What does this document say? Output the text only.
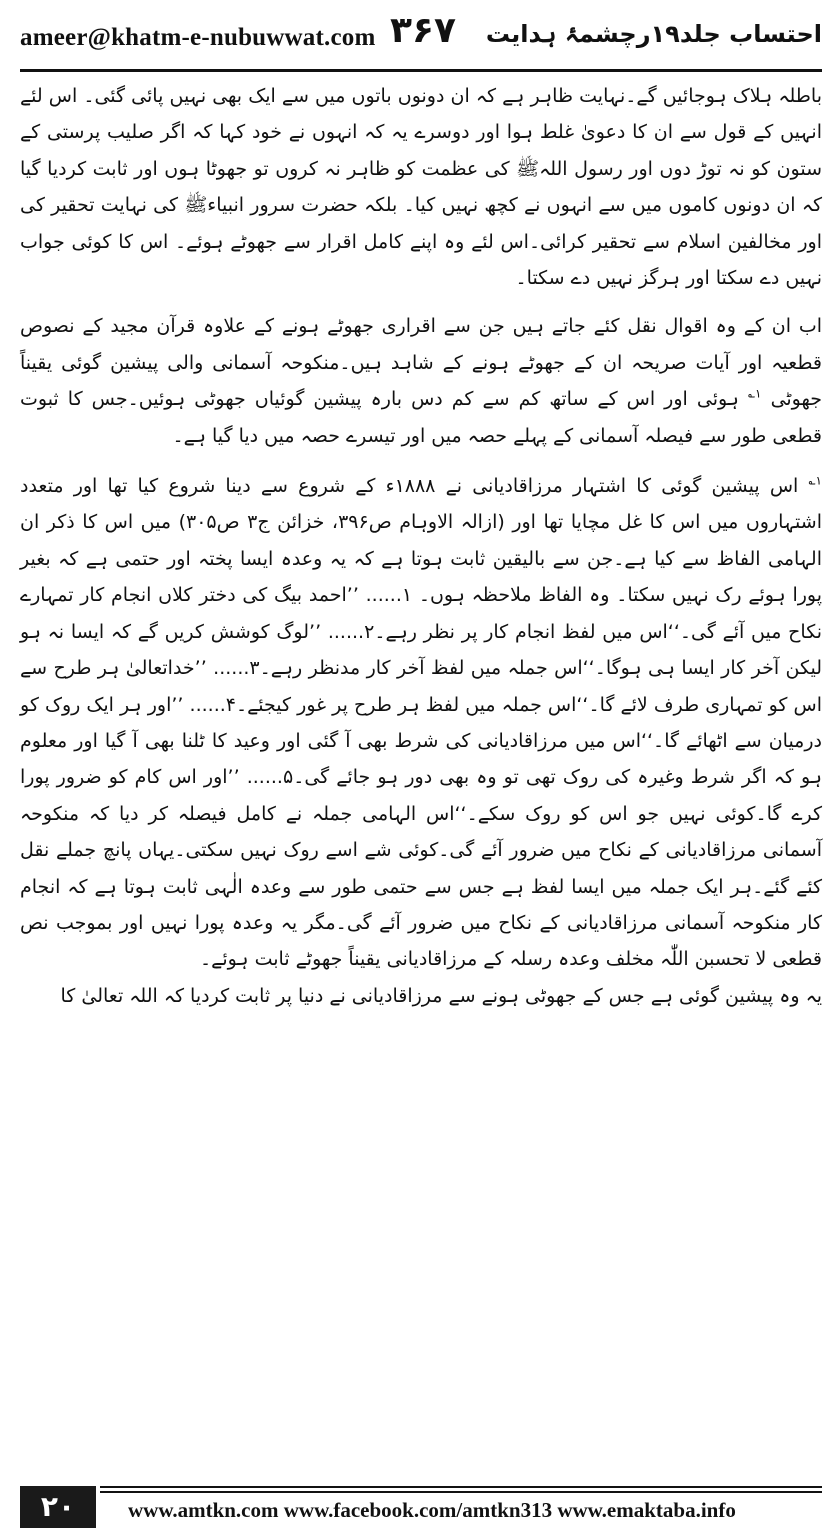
ameer@khatm-e-nubuwwat.com ۳۶۷ احتساب جلد۱۹رچشمۂ ہدایت

باطلہ ہلاک ہوجائیں گے۔نہایت ظاہر ہے کہ ان دونوں باتوں میں سے ایک بھی نہیں پائی گئی۔ اس لئے انہیں کے قول سے ان کا دعویٰ غلط ہوا اور دوسرے یہ کہ انہوں نے خود کہا کہ اگر صلیب پرستی کے ستون کو نہ توڑ دوں اور رسول اللہﷺ کی عظمت کو ظاہر نہ کروں تو جھوٹا ہوں اور ثابت کردیا گیا کہ ان دونوں کاموں میں سے انہوں نے کچھ نہیں کیا۔ بلکہ حضرت سرور انبیاءﷺ کی نہایت تحقیر کی اور مخالفین اسلام سے تحقیر کرائی۔اس لئے وہ اپنے کامل اقرار سے جھوٹے ہوئے۔ اس کا کوئی جواب نہیں دے سکتا اور ہرگز نہیں دے سکتا۔

اب ان کے وہ اقوال نقل کئے جاتے ہیں جن سے اقراری جھوٹے ہونے کے علاوہ قرآن مجید کے نصوص قطعیہ اور آیات صریحہ ان کے جھوٹے ہونے کے شاہد ہیں۔منکوحہ آسمانی والی پیشین گوئی یقیناً جھوٹی $^{۱؎}$ ہوئی اور اس کے ساتھ کم سے کم دس بارہ پیشین گوئیاں جھوٹی ہوئیں۔جس کا ثبوت قطعی طور سے فیصلہ آسمانی کے پہلے حصہ میں اور تیسرے حصہ میں دیا گیا ہے۔

$^{۱؎}$ اس پیشین گوئی کا اشتہار مرزاقادیانی نے ۱۸۸۸ء کے شروع سے دینا شروع کیا تھا اور متعدد اشتہاروں میں اس کا غل مچایا تھا اور (ازالہ الاوہام ص۳۹۶، خزائن ج۳ ص۳۰۵) میں اس کا ذکر ان الہامی الفاظ سے کیا ہے۔جن سے بالیقین ثابت ہوتا ہے کہ یہ وعدہ ایسا پختہ اور حتمی ہے کہ بغیر پورا ہوئے رک نہیں سکتا۔ وہ الفاظ ملاحظہ ہوں۔ ۱...... ’’احمد بیگ کی دختر کلاں انجام کار تمہارے نکاح میں آئے گی۔‘‘اس میں لفظ انجام کار پر نظر رہے۔۲...... ’’لوگ کوشش کریں گے کہ ایسا نہ ہو لیکن آخر کار ایسا ہی ہوگا۔‘‘اس جملہ میں لفظ آخر کار مدنظر رہے۔۳...... ’’خداتعالیٰ ہر طرح سے اس کو تمہاری طرف لائے گا۔‘‘اس جملہ میں لفظ ہر طرح پر غور کیجئے۔۴...... ’’اور ہر ایک روک کو درمیان سے اٹھائے گا۔‘‘اس میں مرزاقادیانی کی شرط بھی آ گئی اور وعید کا ٹلنا بھی آ گیا اور معلوم ہو کہ اگر شرط وغیرہ کی روک تھی تو وہ بھی دور ہو جائے گی۔۵...... ’’اور اس کام کو ضرور پورا کرے گا۔کوئی نہیں جو اس کو روک سکے۔‘‘اس الہامی جملہ نے کامل فیصلہ کر دیا کہ منکوحہ آسمانی مرزاقادیانی کے نکاح میں ضرور آئے گی۔کوئی شے اسے روک نہیں سکتی۔یہاں پانچ جملے نقل کئے گئے۔ہر ایک جملہ میں ایسا لفظ ہے جس سے حتمی طور سے وعدہ الٰہی ثابت ہوتا ہے کہ انجام کار منکوحہ آسمانی مرزاقادیانی کے نکاح میں ضرور آئے گی۔مگر یہ وعدہ پورا نہیں اور بموجب نص قطعی لا تحسبن اللّٰہ مخلف وعدہ رسلہ کے مرزاقادیانی یقیناً جھوٹے ثابت ہوئے۔

یہ وہ پیشین گوئی ہے جس کے جھوٹی ہونے سے مرزاقادیانی نے دنیا پر ثابت کردیا کہ اللہ تعالیٰ کا

۲۰	www.amtkn.com www.facebook.com/amtkn313 www.emaktaba.info
